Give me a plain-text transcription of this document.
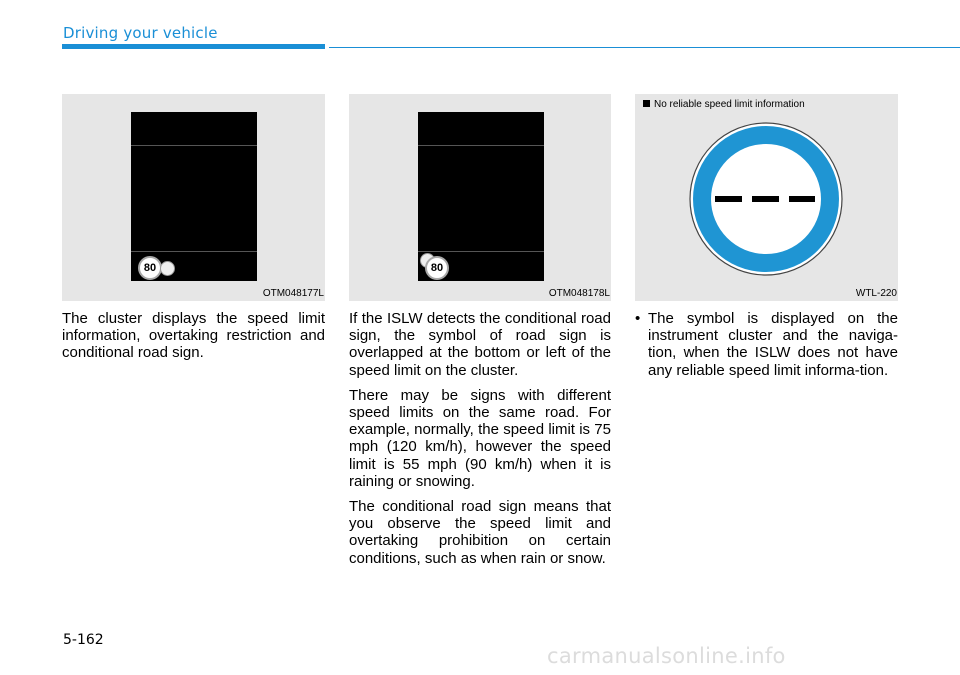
Driving your vehicle
80
OTM048177L
80
OTM048178L
No reliable speed limit information
WTL-220

The cluster displays the speed limit information, overtaking restriction and conditional road sign.

If the ISLW detects the conditional road sign, the symbol of road sign is overlapped at the bottom or left of the speed limit on the cluster.

There may be signs with different speed limits on the same road. For example, normally, the speed limit is 75 mph (120 km/h), however the speed limit is 55 mph (90 km/h) when it is raining or snowing.

The conditional road sign means that you observe the speed limit and overtaking prohibition on certain conditions, such as when rain or snow.

• The symbol is displayed on the instrument cluster and the naviga-tion, when the ISLW does not have any reliable speed limit informa-tion.
5-162
carmanualsonline.info
